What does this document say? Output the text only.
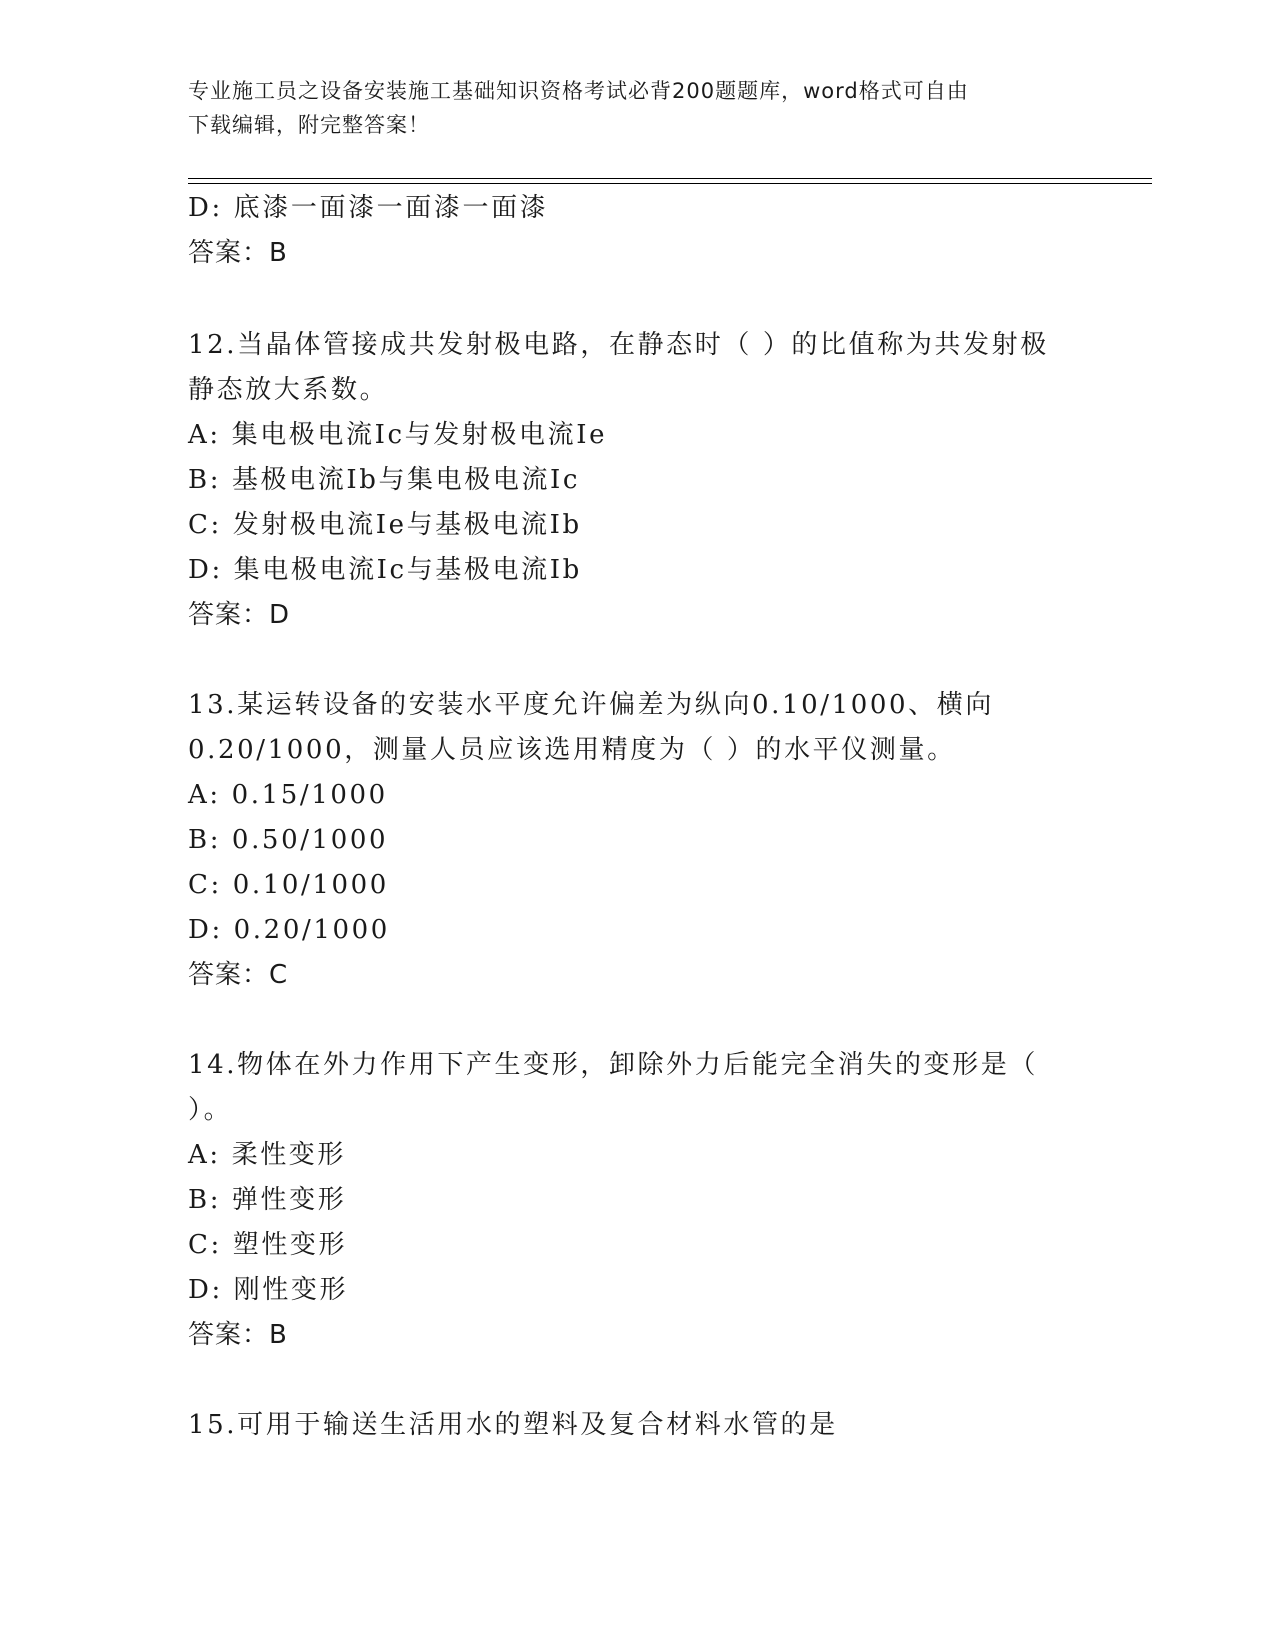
专业施工员之设备安装施工基础知识资格考试必背200题题库，word格式可自由
下载编辑，附完整答案！
D: 底漆一面漆一面漆一面漆
答案：B
12.当晶体管接成共发射极电路，在静态时（ ）的比值称为共发射极
静态放大系数。
A: 集电极电流Ic与发射极电流Ie
B: 基极电流Ib与集电极电流Ic
C: 发射极电流Ie与基极电流Ib
D: 集电极电流Ic与基极电流Ib
答案：D
13.某运转设备的安装水平度允许偏差为纵向0.10/1000、横向
0.20/1000，测量人员应该选用精度为（ ）的水平仪测量。
A: 0.15/1000
B: 0.50/1000
C: 0.10/1000
D: 0.20/1000
答案：C
14.物体在外力作用下产生变形，卸除外力后能完全消失的变形是（
）。
A: 柔性变形
B: 弹性变形
C: 塑性变形
D: 刚性变形
答案：B
15.可用于输送生活用水的塑料及复合材料水管的是
